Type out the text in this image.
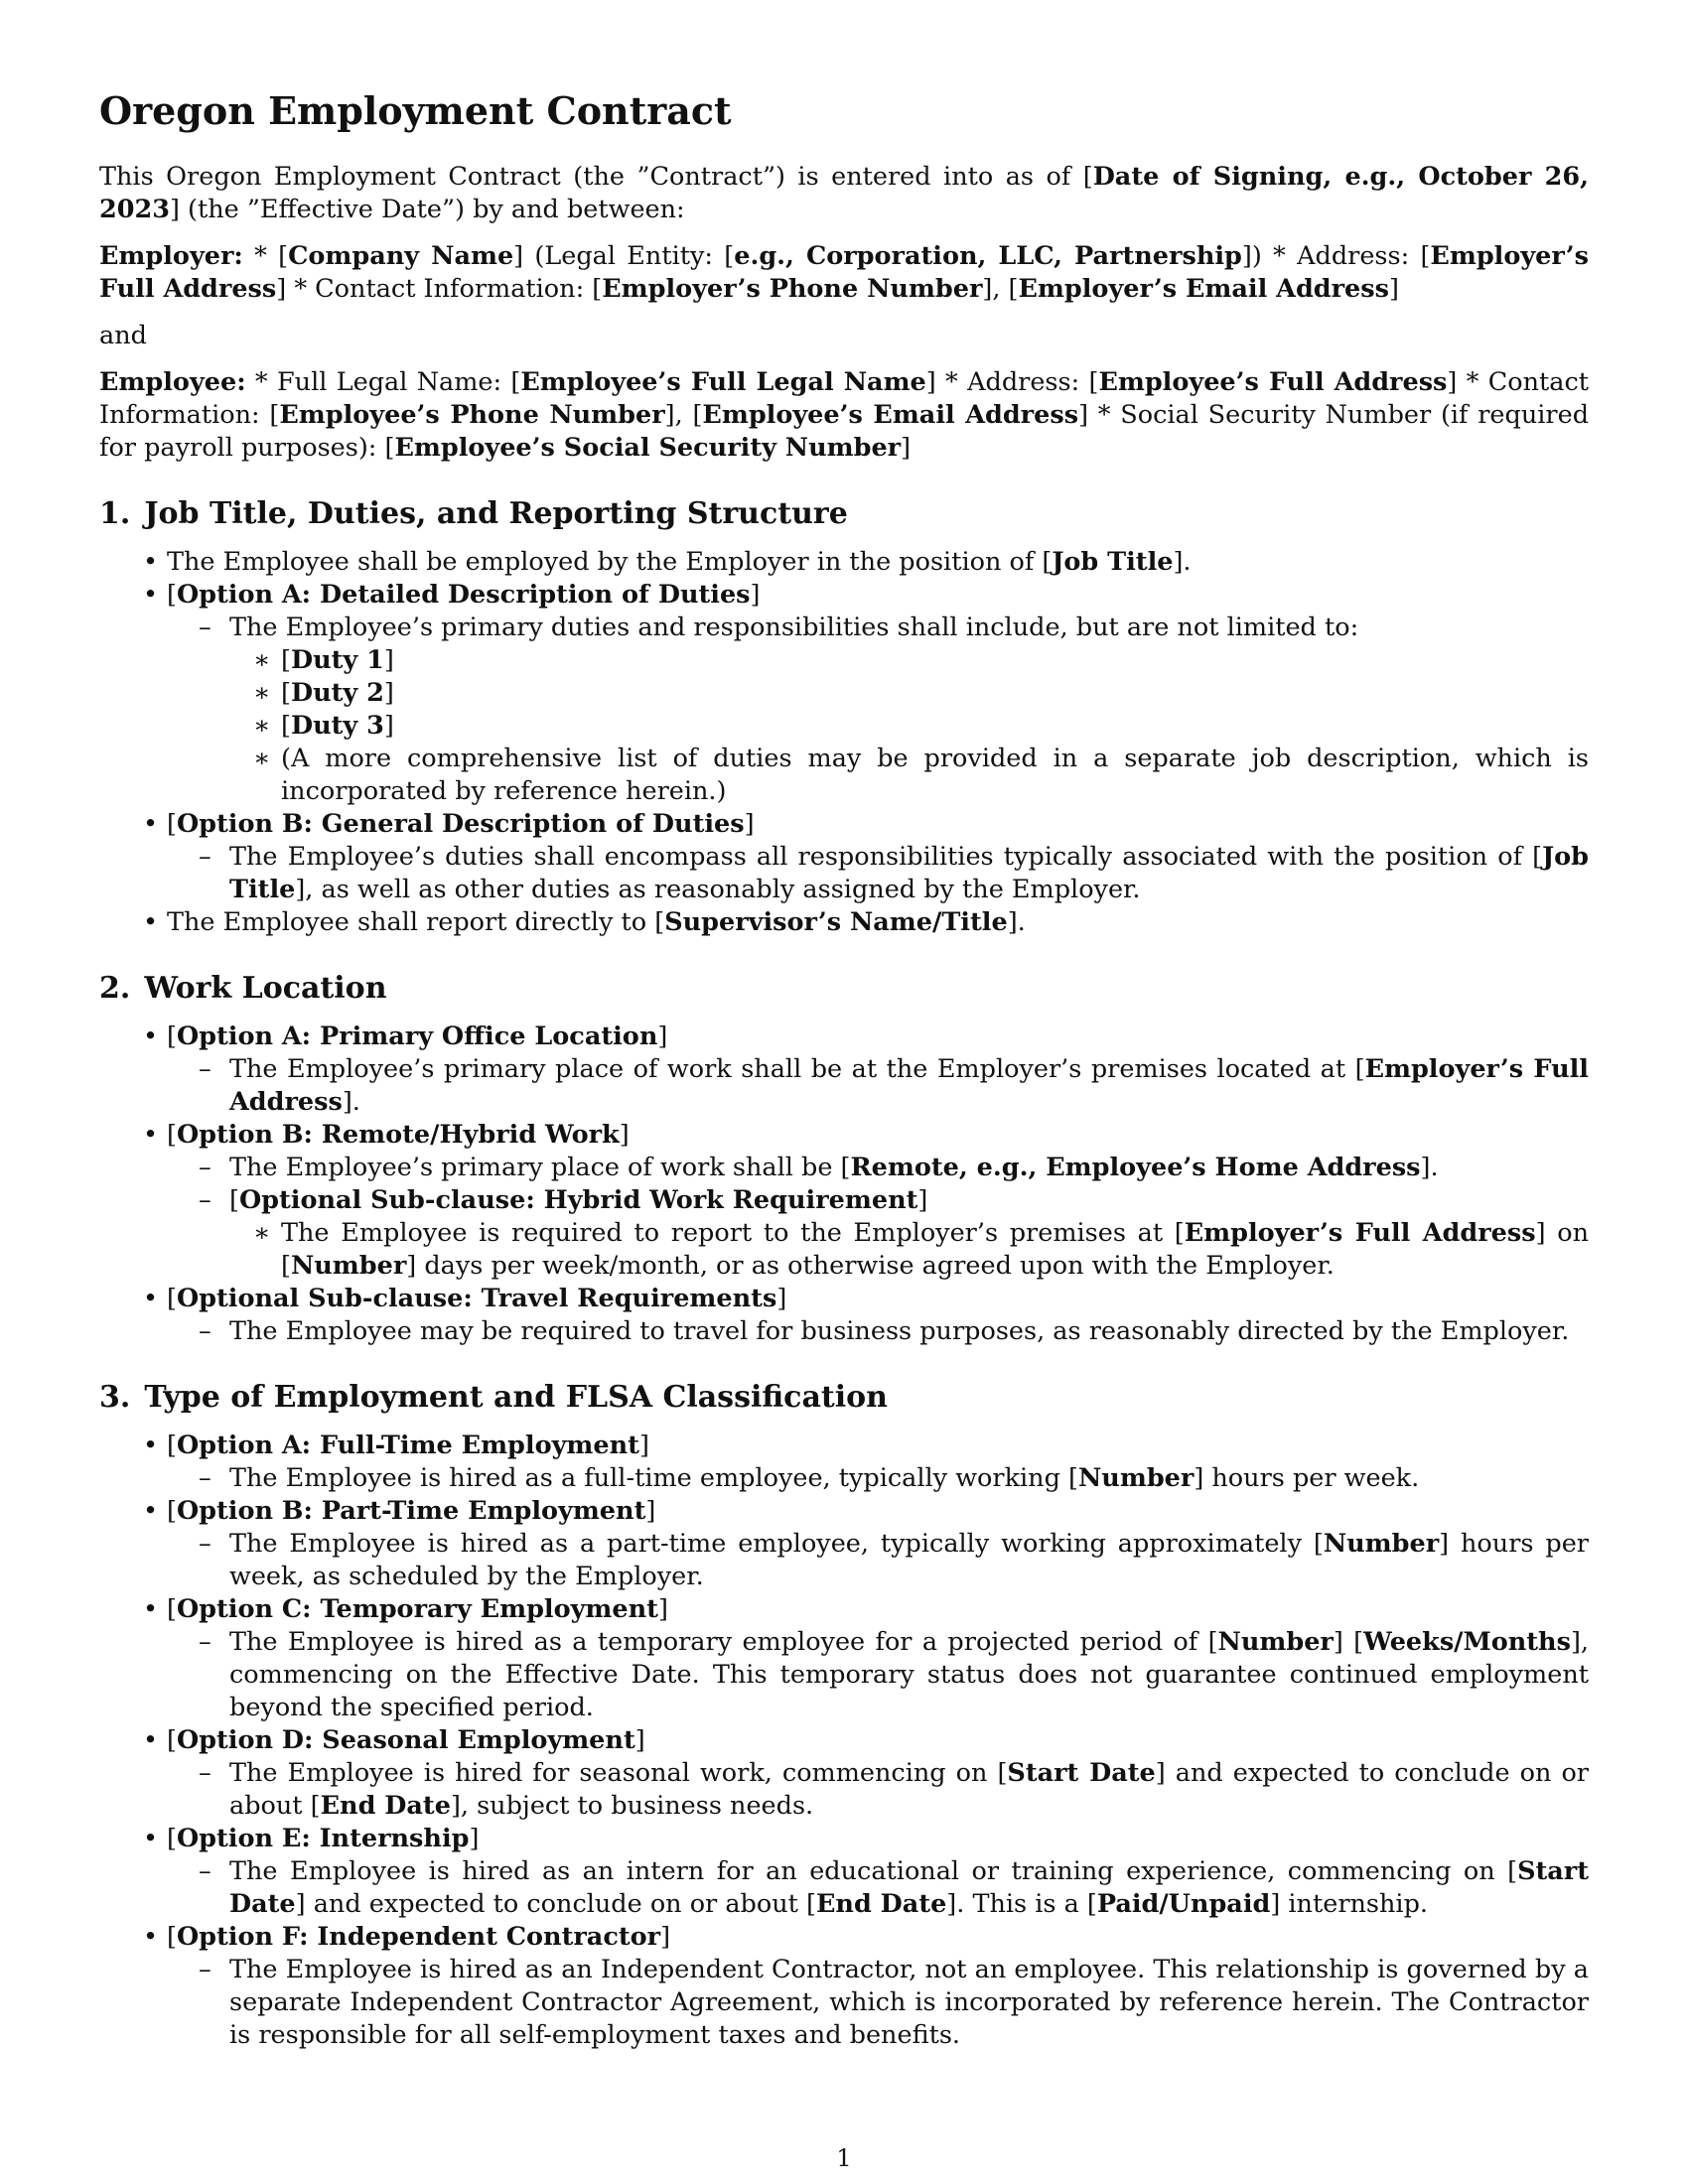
Oregon Employment Contract

This Oregon Employment Contract (the ”Contract”) is entered into as of [Date of Signing, e.g., October 26, 2023] (the ”Effective Date”) by and between:

Employer: * [Company Name] (Legal Entity: [e.g., Corporation, LLC, Partnership]) * Address: [Employer’s Full Address] * Contact Information: [Employer’s Phone Number], [Employer’s Email Address]

and

Employee: * Full Legal Name: [Employee’s Full Legal Name] * Address: [Employee’s Full Address] * Contact Information: [Employee’s Phone Number], [Employee’s Email Address] * Social Security Number (if required for payroll purposes): [Employee’s Social Security Number]

1. Job Title, Duties, and Reporting Structure
• The Employee shall be employed by the Employer in the position of [Job Title].
• [Option A: Detailed Description of Duties]
– The Employee’s primary duties and responsibilities shall include, but are not limited to:
∗ [Duty 1]
∗ [Duty 2]
∗ [Duty 3]
∗ (A more comprehensive list of duties may be provided in a separate job description, which is incorporated by reference herein.)
• [Option B: General Description of Duties]
– The Employee’s duties shall encompass all responsibilities typically associated with the position of [Job Title], as well as other duties as reasonably assigned by the Employer.
• The Employee shall report directly to [Supervisor’s Name/Title].
2. Work Location
• [Option A: Primary Office Location]
– The Employee’s primary place of work shall be at the Employer’s premises located at [Employer’s Full Address].
• [Option B: Remote/Hybrid Work]
– The Employee’s primary place of work shall be [Remote, e.g., Employee’s Home Address].
– [Optional Sub-clause: Hybrid Work Requirement]
∗ The Employee is required to report to the Employer’s premises at [Employer’s Full Address] on [Number] days per week/month, or as otherwise agreed upon with the Employer.
• [Optional Sub-clause: Travel Requirements]
– The Employee may be required to travel for business purposes, as reasonably directed by the Employer.
3. Type of Employment and FLSA Classification
• [Option A: Full-Time Employment]
– The Employee is hired as a full-time employee, typically working [Number] hours per week.
• [Option B: Part-Time Employment]
– The Employee is hired as a part-time employee, typically working approximately [Number] hours per week, as scheduled by the Employer.
• [Option C: Temporary Employment]
– The Employee is hired as a temporary employee for a projected period of [Number] [Weeks/Months], commencing on the Effective Date. This temporary status does not guarantee continued employment beyond the specified period.
• [Option D: Seasonal Employment]
– The Employee is hired for seasonal work, commencing on [Start Date] and expected to conclude on or about [End Date], subject to business needs.
• [Option E: Internship]
– The Employee is hired as an intern for an educational or training experience, commencing on [Start Date] and expected to conclude on or about [End Date]. This is a [Paid/Unpaid] internship.
• [Option F: Independent Contractor]
– The Employee is hired as an Independent Contractor, not an employee. This relationship is governed by a separate Independent Contractor Agreement, which is incorporated by reference herein. The Contractor is responsible for all self-employment taxes and benefits.
1
